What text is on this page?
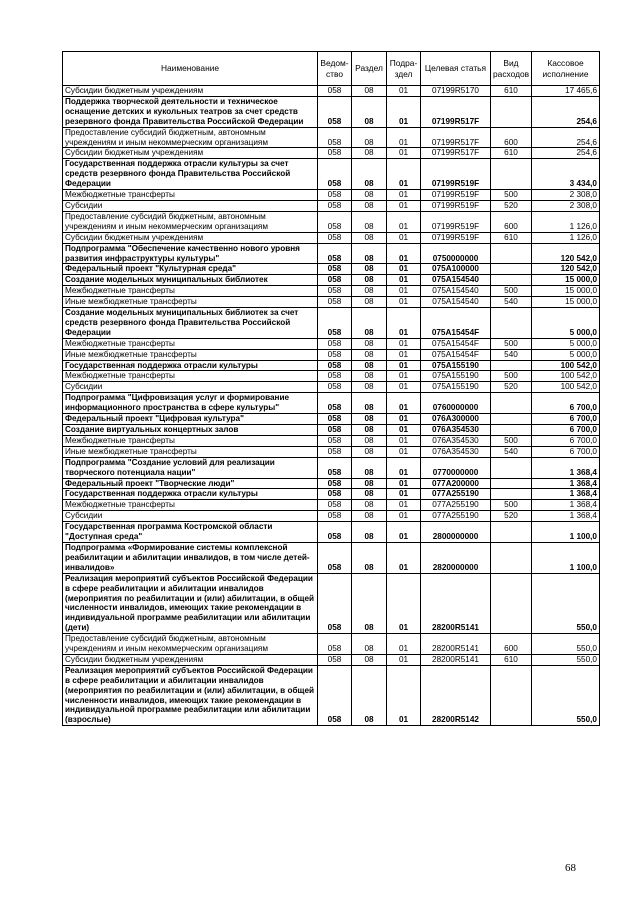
Наименование	Ведом-ство	Раздел	Подра-здел	Целевая статья	Вид расходов	Кассовое исполнение
Субсидии бюджетным учреждениям	058	08	01	07199R5170	610	17 465,6
Поддержка творческой деятельности и техническое оснащение детских и кукольных театров за счет средств резервного фонда Правительства Российской Федерации	058	08	01	07199R517F		254,6
Предоставление субсидий бюджетным, автономным учреждениям и иным некоммерческим организациям	058	08	01	07199R517F	600	254,6
Субсидии бюджетным учреждениям	058	08	01	07199R517F	610	254,6
Государственная поддержка отрасли культуры за счет средств резервного фонда Правительства Российской Федерации	058	08	01	07199R519F		3 434,0
Межбюджетные трансферты	058	08	01	07199R519F	500	2 308,0
Субсидии	058	08	01	07199R519F	520	2 308,0
Предоставление субсидий бюджетным, автономным учреждениям и иным некоммерческим организациям	058	08	01	07199R519F	600	1 126,0
Субсидии бюджетным учреждениям	058	08	01	07199R519F	610	1 126,0
Подпрограмма "Обеспечение качественно нового уровня развития инфраструктуры культуры"	058	08	01	0750000000		120 542,0
Федеральный проект "Культурная среда"	058	08	01	075A100000		120 542,0
Создание модельных муниципальных библиотек	058	08	01	075A154540		15 000,0
Межбюджетные трансферты	058	08	01	075A154540	500	15 000,0
Иные межбюджетные трансферты	058	08	01	075A154540	540	15 000,0
Создание модельных муниципальных библиотек за счет средств резервного фонда Правительства Российской Федерации	058	08	01	075A15454F		5 000,0
Межбюджетные трансферты	058	08	01	075A15454F	500	5 000,0
Иные межбюджетные трансферты	058	08	01	075A15454F	540	5 000,0
Государственная поддержка отрасли культуры	058	08	01	075A155190		100 542,0
Межбюджетные трансферты	058	08	01	075A155190	500	100 542,0
Субсидии	058	08	01	075A155190	520	100 542,0
Подпрограмма "Цифровизация услуг и формирование информационного пространства в сфере культуры"	058	08	01	0760000000		6 700,0
Федеральный проект "Цифровая культура"	058	08	01	076A300000		6 700,0
Создание виртуальных концертных залов	058	08	01	076A354530		6 700,0
Межбюджетные трансферты	058	08	01	076A354530	500	6 700,0
Иные межбюджетные трансферты	058	08	01	076A354530	540	6 700,0
Подпрограмма "Создание условий для реализации творческого потенциала нации"	058	08	01	0770000000		1 368,4
Федеральный проект "Творческие люди"	058	08	01	077A200000		1 368,4
Государственная поддержка отрасли культуры	058	08	01	077A255190		1 368,4
Межбюджетные трансферты	058	08	01	077A255190	500	1 368,4
Субсидии	058	08	01	077A255190	520	1 368,4
Государственная программа Костромской области "Доступная среда"	058	08	01	2800000000		1 100,0
Подпрограмма «Формирование системы комплексной реабилитации и абилитации инвалидов, в том числе детей-инвалидов»	058	08	01	2820000000		1 100,0
Реализация мероприятий субъектов Российской Федерации в сфере реабилитации и абилитации инвалидов (мероприятия по реабилитации и (или) абилитации, в общей численности инвалидов, имеющих такие рекомендации в индивидуальной программе реабилитации или абилитации (дети)	058	08	01	28200R5141		550,0
Предоставление субсидий бюджетным, автономным учреждениям и иным некоммерческим организациям	058	08	01	28200R5141	600	550,0
Субсидии бюджетным учреждениям	058	08	01	28200R5141	610	550,0
Реализация мероприятий субъектов Российской Федерации в сфере реабилитации и абилитации инвалидов (мероприятия по реабилитации и (или) абилитации, в общей численности инвалидов, имеющих такие рекомендации в индивидуальной программе реабилитации или абилитации (взрослые)	058	08	01	28200R5142		550,0
68
